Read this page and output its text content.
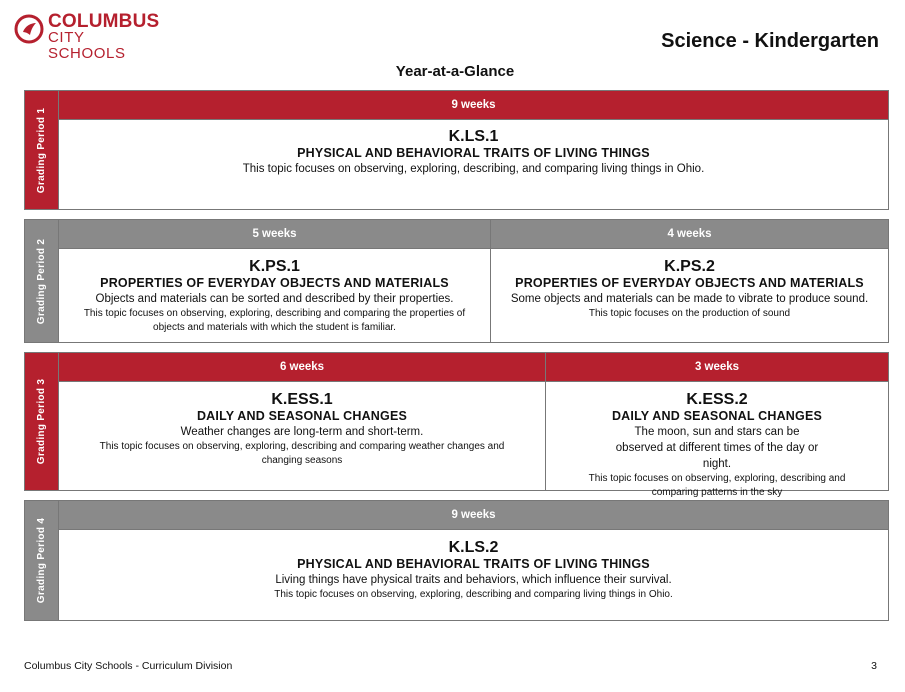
COLUMBUS
CITY SCHOOLS
Science - Kindergarten
Year-at-a-Glance
Grading Period 1
9 weeks
K.LS.1
PHYSICAL AND BEHAVIORAL TRAITS OF LIVING THINGS
This topic focuses on observing, exploring, describing, and comparing living things in Ohio.
Grading Period 2
5 weeks
K.PS.1
PROPERTIES OF EVERYDAY OBJECTS AND MATERIALS
Objects and materials can be sorted and described by their properties.
This topic focuses on observing, exploring, describing and comparing the properties of objects and materials with which the student is familiar.
4 weeks
K.PS.2
PROPERTIES OF EVERYDAY OBJECTS AND MATERIALS
Some objects and materials can be made to vibrate to produce sound.
This topic focuses on the production of sound
Grading Period 3
6 weeks
K.ESS.1
DAILY AND SEASONAL CHANGES
Weather changes are long-term and short-term.
This topic focuses on observing, exploring, describing and comparing weather changes and changing seasons
3 weeks
K.ESS.2
DAILY AND SEASONAL CHANGES
The moon, sun and stars can be observed at different times of the day or night.
This topic focuses on observing, exploring, describing and comparing patterns in the sky
Grading Period 4
9 weeks
K.LS.2
PHYSICAL AND BEHAVIORAL TRAITS OF LIVING THINGS
Living things have physical traits and behaviors, which influence their survival.
This topic focuses on observing, exploring, describing and comparing living things in Ohio.
Columbus City Schools - Curriculum Division	3
